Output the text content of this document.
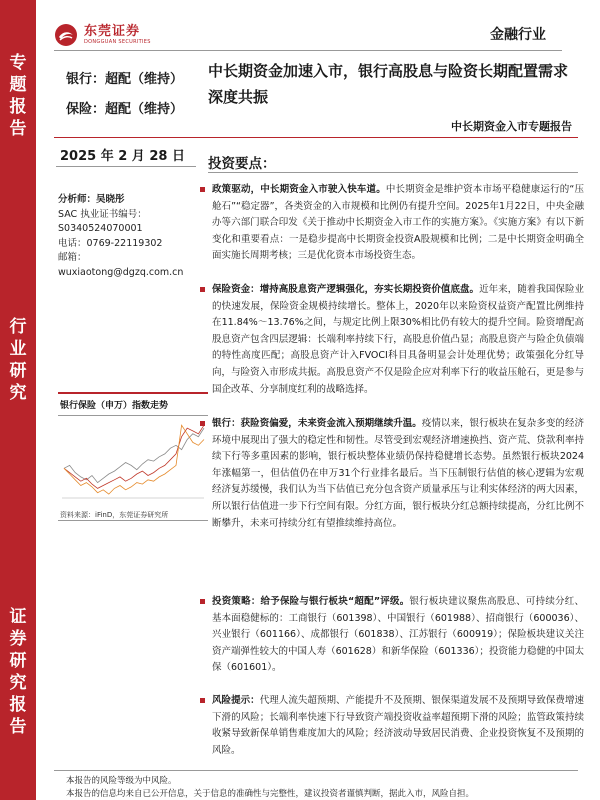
专
题
报
告
行
业
研
究
证
券
研
究
报
告
东莞证券
DONGGUAN SECURITIES	金融行业
银行：超配（维持）
保险：超配（维持）
中长期资金加速入市，银行高股息与险资长期配置需求深度共振
中长期资金入市专题报告
2025 年 2 月 28 日
分析师：吴晓彤
SAC 执业证书编号：
S0340524070001
电话：0769-22119302
邮箱：
wuxiaotong@dgzq.com.cn
银行保险（申万）指数走势
资料来源：iFinD，东莞证券研究所
投资要点：
政策驱动，中长期资金入市驶入快车道。中长期资金是维护资本市场平稳健康运行的“压舱石”“稳定器”，各类资金的入市规模和比例仍有提升空间。2025年1月22日，中央金融办等六部门联合印发《关于推动中长期资金入市工作的实施方案》。《实施方案》有以下新变化和重要看点：一是稳步提高中长期资金投资A股规模和比例；二是中长期资金明确全面实施长周期考核；三是优化资本市场投资生态。
保险资金：增持高股息资产逻辑强化，夯实长期投资价值底盘。近年来，随着我国保险业的快速发展，保险资金规模持续增长。整体上，2020年以来险资权益资产配置比例维持在11.84%～13.76%之间，与规定比例上限30%相比仍有较大的提升空间。险资增配高股息资产包含四层逻辑：长端利率持续下行，高股息价值凸显；高股息资产与险企负债端的特性高度匹配；高股息资产计入FVOCI科目具备明显会计处理优势；政策强化分红导向，与险资入市形成共振。高股息资产不仅是险企应对利率下行的收益压舱石，更是参与国企改革、分享制度红利的战略选择。
银行：获险资偏爱，未来资金流入预期继续升温。疫情以来，银行板块在复杂多变的经济环境中展现出了强大的稳定性和韧性。尽管受到宏观经济增速换挡、资产荒、贷款利率持续下行等多重因素的影响，银行板块整体业绩仍保持稳健增长态势。虽然银行板块2024年涨幅第一，但估值仍在申万31个行业排名最后。当下压制银行估值的核心逻辑为宏观经济复苏缓慢，我们认为当下估值已充分包含资产质量承压与让利实体经济的两大因素，所以银行估值进一步下行空间有限。分红方面，银行板块分红总额持续提高，分红比例不断攀升，未来可持续分红有望推续维持高位。
投资策略：给予保险与银行板块“超配”评级。银行板块建议聚焦高股息、可持续分红、基本面稳健标的：工商银行（601398）、中国银行（601988）、招商银行（600036）、兴业银行（601166）、成都银行（601838）、江苏银行（600919）；保险板块建议关注资产端弹性较大的中国人寿（601628）和新华保险（601336）；投资能力稳健的中国太保（601601）。
风险提示：代理人流失超预期、产能提升不及预期、银保渠道发展不及预期导致保费增速下滑的风险；长端利率快速下行导致资产端投资收益率超预期下滑的风险；监管政策持续收紧导致新保单销售难度加大的风险；经济波动导致居民消费、企业投资恢复不及预期的风险。
本报告的风险等级为中风险。
本报告的信息均来自已公开信息，关于信息的准确性与完整性，建议投资者谨慎判断，据此入市，风险自担。
